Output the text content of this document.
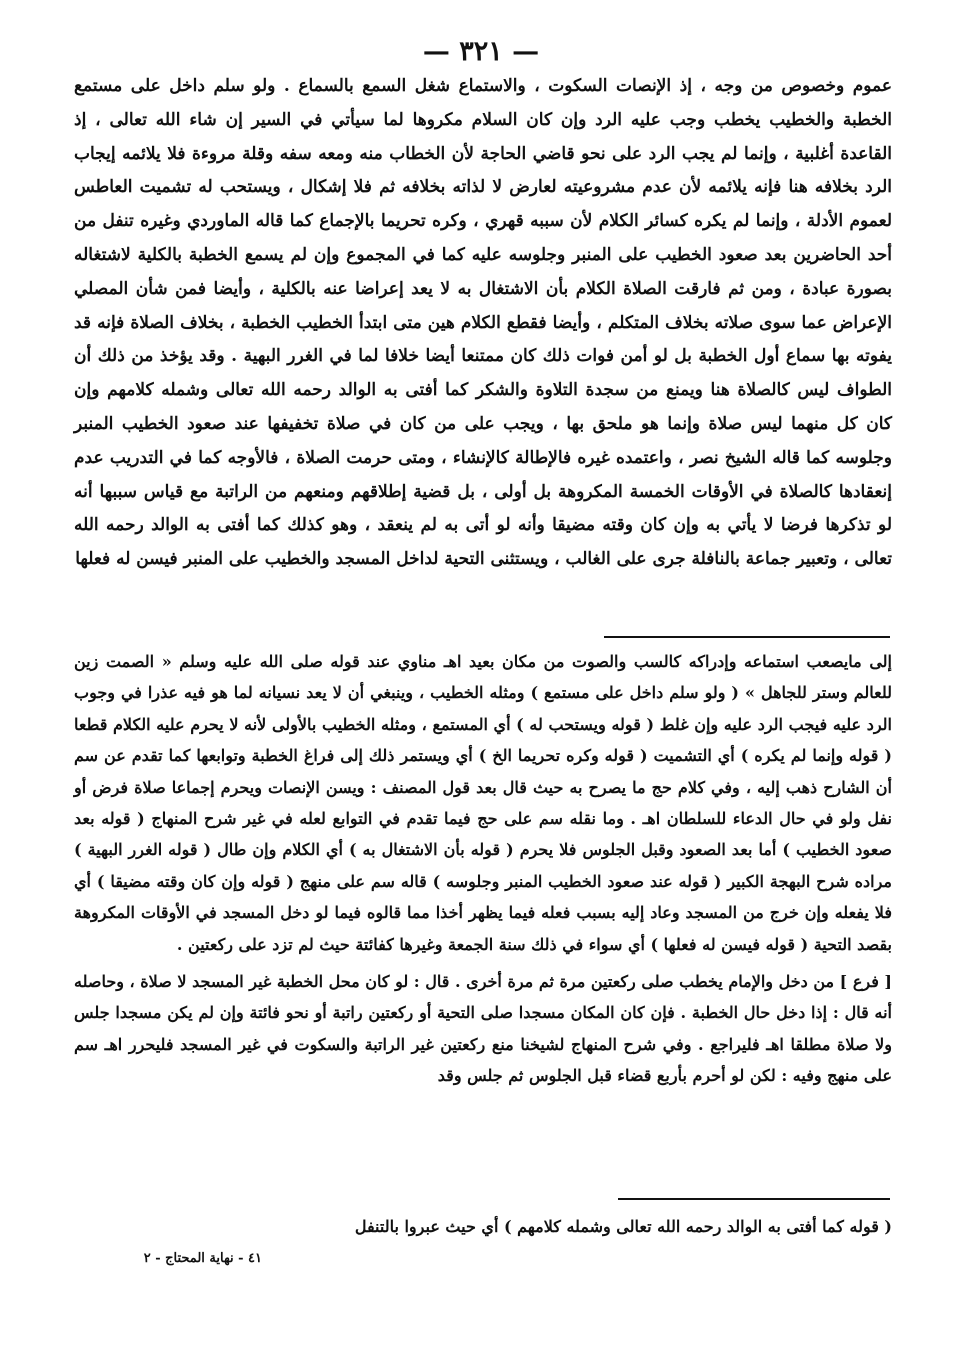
— ٣٢١ —

عموم وخصوص من وجه ، إذ الإنصات السكوت ، والاستماع شغل السمع بالسماع . ولو سلم داخل على مستمع الخطبة والخطيب يخطب وجب عليه الرد وإن كان السلام مكروها لما سيأتي في السير إن شاء الله تعالى ، إذ القاعدة أغلبية ، وإنما لم يجب الرد على نحو قاضي الحاجة لأن الخطاب منه ومعه سفه وقلة مروءة فلا يلائمه إيجاب الرد بخلافه هنا فإنه يلائمه لأن عدم مشروعيته لعارض لا لذاته بخلافه ثم فلا إشكال ، ويستحب له تشميت العاطس لعموم الأدلة ، وإنما لم يكره كسائر الكلام لأن سببه قهري ، وكره تحريما بالإجماع كما قاله الماوردي وغيره تنفل من أحد الحاضرين بعد صعود الخطيب على المنبر وجلوسه عليه كما في المجموع وإن لم يسمع الخطبة بالكلية لاشتغاله بصورة عبادة ، ومن ثم فارقت الصلاة الكلام بأن الاشتغال به لا يعد إعراضا عنه بالكلية ، وأيضا فمن شأن المصلي الإعراض عما سوى صلاته بخلاف المتكلم ، وأيضا فقطع الكلام هين متى ابتدأ الخطيب الخطبة ، بخلاف الصلاة فإنه قد يفوته بها سماع أول الخطبة بل لو أمن فوات ذلك كان ممتنعا أيضا خلافا لما في الغرر البهية . وقد يؤخذ من ذلك أن الطواف ليس كالصلاة هنا ويمنع من سجدة التلاوة والشكر كما أفتى به الوالد رحمه الله تعالى وشمله كلامهم وإن كان كل منهما ليس صلاة وإنما هو ملحق بها ، ويجب على من كان في صلاة تخفيفها عند صعود الخطيب المنبر وجلوسه كما قاله الشيخ نصر ، واعتمده غيره فالإطالة كالإنشاء ، ومتى حرمت الصلاة ، فالأوجه كما في التدريب عدم إنعقادها كالصلاة في الأوقات الخمسة المكروهة بل أولى ، بل قضية إطلاقهم ومنعهم من الراتبة مع قياس سببها أنه لو تذكرها فرضا لا يأتي به وإن كان وقته مضيقا وأنه لو أتى به لم ينعقد ، وهو كذلك كما أفتى به الوالد رحمه الله تعالى ، وتعبير جماعة بالنافلة جرى على الغالب ، ويستثنى التحية لداخل المسجد والخطيب على المنبر فيسن له فعلها

إلى مايصعب استماعه وإدراكه كالسب والصوت من مكان بعيد اهـ مناوي عند قوله صلى الله عليه وسلم « الصمت زين للعالم وستر للجاهل » ( ولو سلم داخل على مستمع ) ومثله الخطيب ، وينبغي أن لا يعد نسيانه لما هو فيه عذرا في وجوب الرد عليه فيجب الرد عليه وإن غلط ( قوله ويستحب له ) أي المستمع ، ومثله الخطيب بالأولى لأنه لا يحرم عليه الكلام قطعا ( قوله وإنما لم يكره ) أي التشميت ( قوله وكره تحريما الخ ) أي ويستمر ذلك إلى فراغ الخطبة وتوابعها كما تقدم عن سم أن الشارح ذهب إليه ، وفي كلام حج ما يصرح به حيث قال بعد قول المصنف : ويسن الإنصات ويحرم إجماعا صلاة فرض أو نفل ولو في حال الدعاء للسلطان اهـ . وما نقله سم على حج فيما تقدم في التوابع لعله في غير شرح المنهاج ( قوله بعد صعود الخطيب ) أما بعد الصعود وقبل الجلوس فلا يحرم ( قوله بأن الاشتغال به ) أي الكلام وإن طال ( قوله الغرر البهية ) مراده شرح البهجة الكبير ( قوله عند صعود الخطيب المنبر وجلوسه ) قاله سم على منهج ( قوله وإن كان وقته مضيقا ) أي فلا يفعله وإن خرج من المسجد وعاد إليه بسبب فعله فيما يظهر أخذا مما قالوه فيما لو دخل المسجد في الأوقات المكروهة بقصد التحية ( قوله فيسن له فعلها ) أي سواء في ذلك سنة الجمعة وغيرها كفائتة حيث لم تزد على ركعتين .

[ فرع ] من دخل والإمام يخطب صلى ركعتين مرة ثم مرة أخرى . قال : لو كان محل الخطبة غير المسجد لا صلاة ، وحاصله أنه قال : إذا دخل حال الخطبة . فإن كان المكان مسجدا صلى التحية أو ركعتين راتبة أو نحو فائتة وإن لم يكن مسجدا جلس ولا صلاة مطلقا اهـ فليراجع . وفي شرح المنهاج لشيخنا منع ركعتين غير الراتبة والسكوت في غير المسجد فليحرر اهـ سم على منهج وفيه : لكن لو أحرم بأربع قضاء قبل الجلوس ثم جلس وقد

( قوله كما أفتى به الوالد رحمه الله تعالى وشمله كلامهم ) أي حيث عبروا بالتنفل
٤١ - نهاية المحتاج - ٢
